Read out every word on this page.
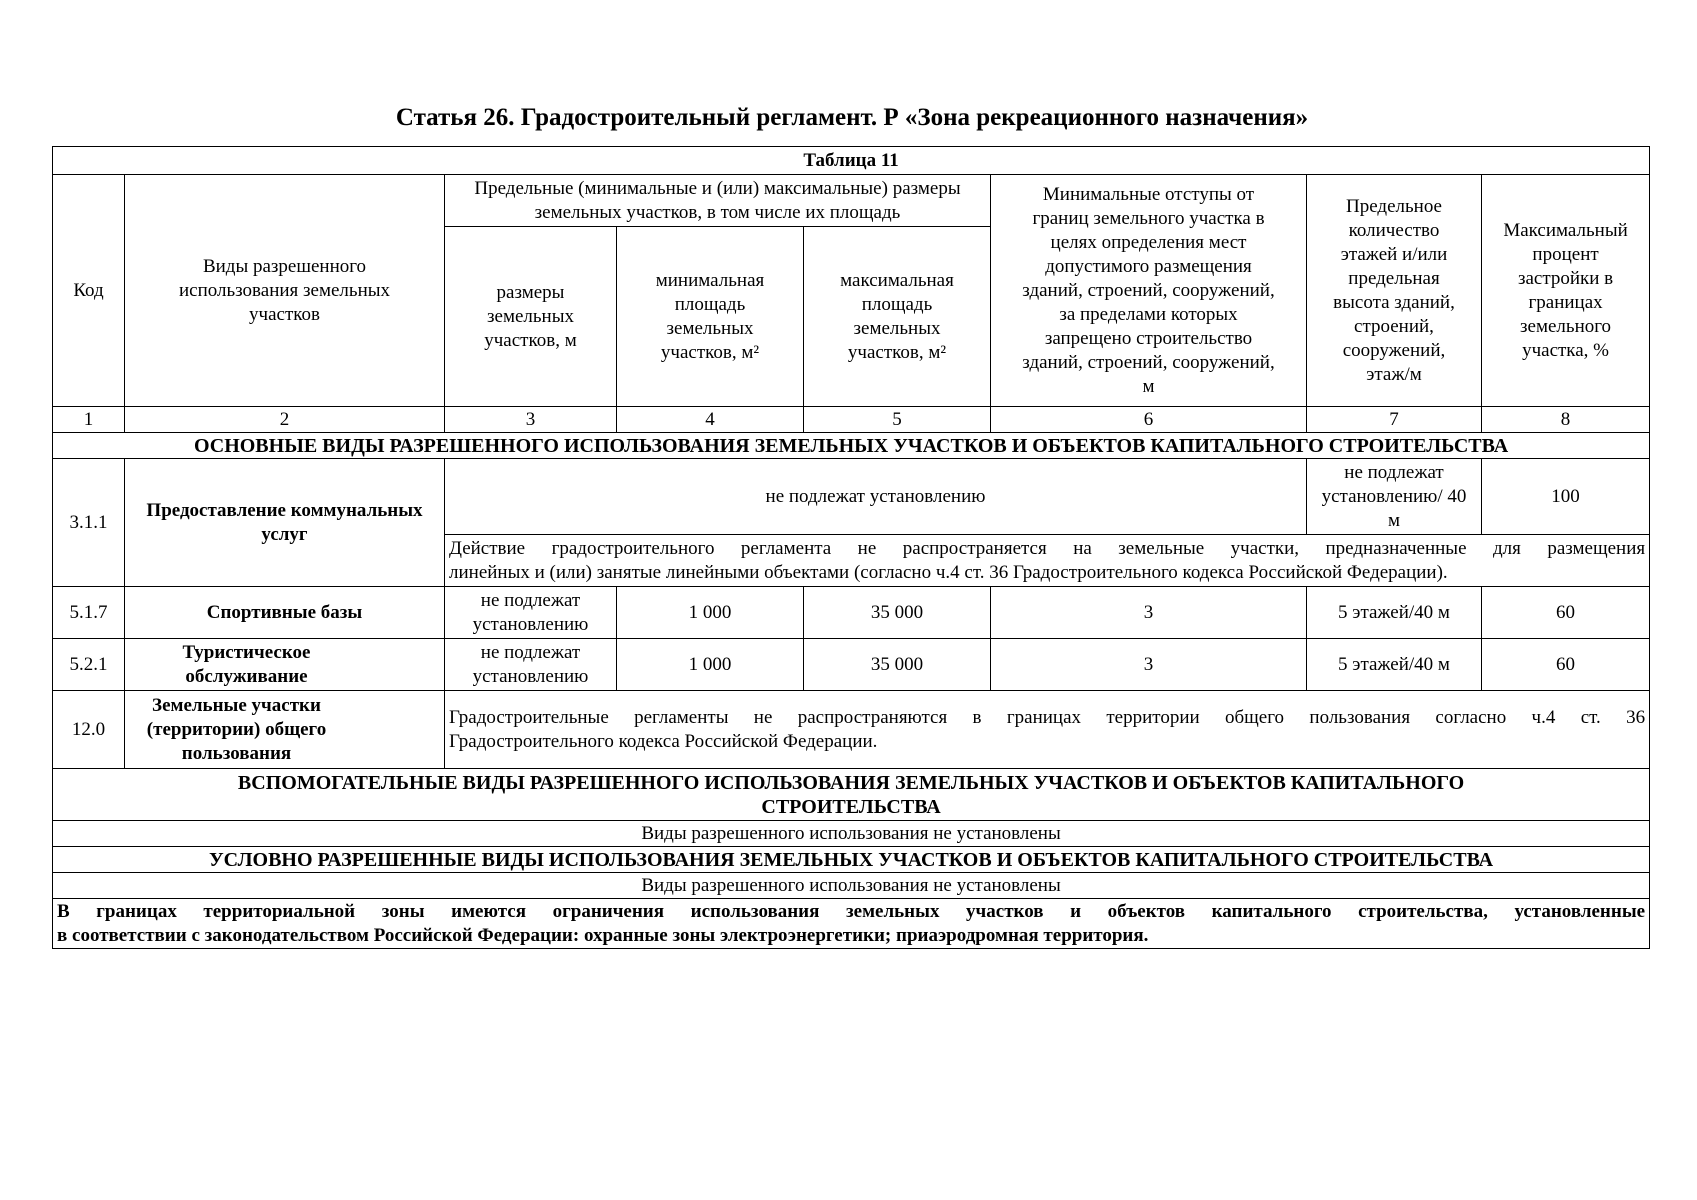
Статья 26. Градостроительный регламент. Р «Зона рекреационного назначения»
Таблица 11							
Код	Виды разрешенного использования земельных участков	Предельные (минимальные и (или) максимальные) размеры земельных участков, в том числе их площадь			Минимальные отступы от границ земельного участка в целях определения мест допустимого размещения зданий, строений, сооружений, за пределами которых запрещено строительство зданий, строений, сооружений, м	Предельное количество этажей и/или предельная высота зданий, строений, сооружений, этаж/м	Максимальный процент застройки в границах земельного участка, %
		размеры земельных участков, м	минимальная площадь земельных участков, м²	максимальная площадь земельных участков, м²			
1	2	3	4	5	6	7	8
ОСНОВНЫЕ ВИДЫ РАЗРЕШЕННОГО ИСПОЛЬЗОВАНИЯ ЗЕМЕЛЬНЫХ УЧАСТКОВ И ОБЪЕКТОВ КАПИТАЛЬНОГО СТРОИТЕЛЬСТВА							
3.1.1	Предоставление коммунальных услуг	не подлежат установлению				не подлежат установлению/ 40 м	100

		Действие градостроительного регламента не распространяется на земельные участки, предназначенные для размещения
линейных и (или) занятые линейными объектами (согласно ч.4 ст. 36 Градостроительного кодекса Российской Федерации).					

5.1.7	Спортивные базы	не подлежат установлению	1 000	35 000	3	5 этажей/40 м	60
5.2.1	Туристическое обслуживание	не подлежат установлению	1 000	35 000	3	5 этажей/40 м	60
12.0	Земельные участки (территории) общего пользования	Градостроительные регламенты не распространяются в границах территории общего пользования согласно ч.4 ст. 36
Градостроительного кодекса Российской Федерации.					

ВСПОМОГАТЕЛЬНЫЕ ВИДЫ РАЗРЕШЕННОГО ИСПОЛЬЗОВАНИЯ ЗЕМЕЛЬНЫХ УЧАСТКОВ И ОБЪЕКТОВ КАПИТАЛЬНОГО СТРОИТЕЛЬСТВА							
Виды разрешенного использования не установлены							
УСЛОВНО РАЗРЕШЕННЫЕ ВИДЫ ИСПОЛЬЗОВАНИЯ ЗЕМЕЛЬНЫХ УЧАСТКОВ И ОБЪЕКТОВ КАПИТАЛЬНОГО СТРОИТЕЛЬСТВА							
Виды разрешенного использования не установлены							

В границах территориальной зоны имеются ограничения использования земельных участков и объектов капитального строительства, установленные
в соответствии с законодательством Российской Федерации: охранные зоны электроэнергетики; приаэродромная территория.							
